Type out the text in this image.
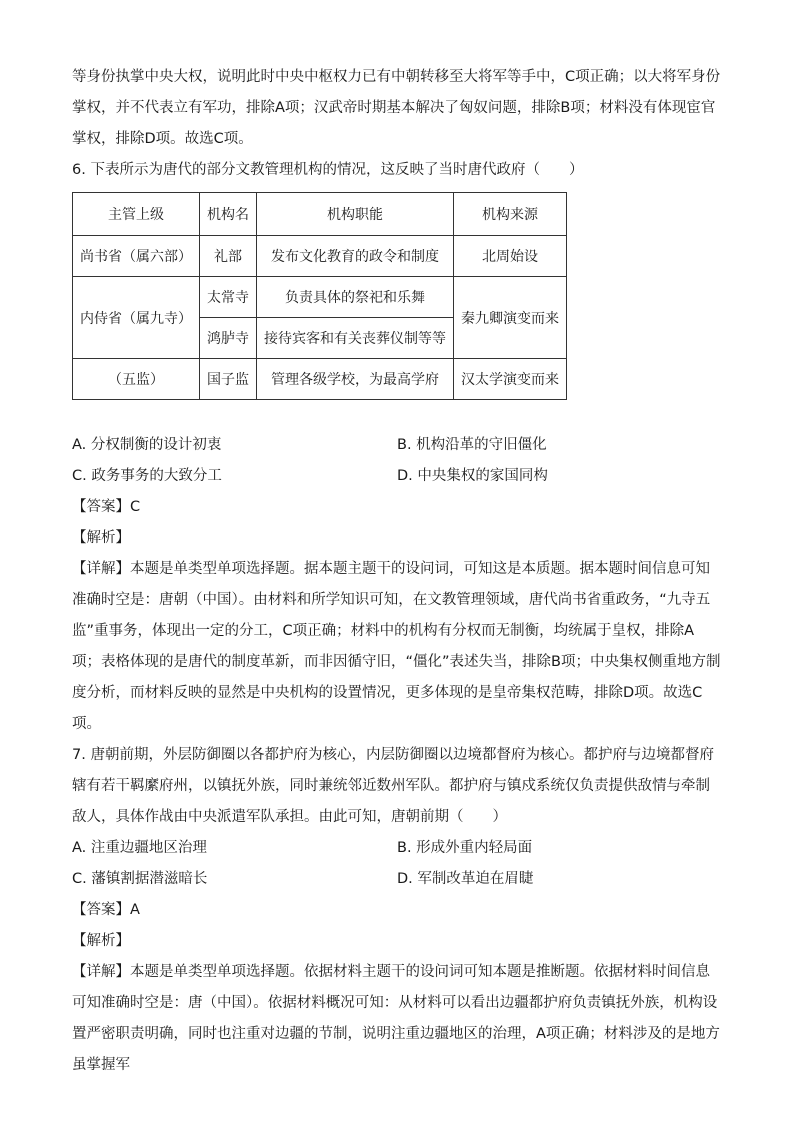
等身份执掌中央大权，说明此时中央中枢权力已有中朝转移至大将军等手中，C项正确；以大将军身份掌权，并不代表立有军功，排除A项；汉武帝时期基本解决了匈奴问题，排除B项；材料没有体现宦官掌权，排除D项。故选C项。

6. 下表所示为唐代的部分文教管理机构的情况，这反映了当时唐代政府（　　）

主管上级	机构名	机构职能	机构来源
尚书省（属六部）	礼部	发布文化教育的政令和制度	北周始设
内侍省（属九寺）	太常寺	负责具体的祭祀和乐舞	秦九卿演变而来
	鸿胪寺	接待宾客和有关丧葬仪制等等	
（五监）	国子监	管理各级学校，为最高学府	汉太学演变而来
A. 分权制衡的设计初衷	B. 机构沿革的守旧僵化
C. 政务事务的大致分工	D. 中央集权的家国同构

【答案】C

【解析】

【详解】本题是单类型单项选择题。据本题主题干的设问词，可知这是本质题。据本题时间信息可知准确时空是：唐朝（中国）。由材料和所学知识可知，在文教管理领域，唐代尚书省重政务，“九寺五监”重事务，体现出一定的分工，C项正确；材料中的机构有分权而无制衡，均统属于皇权，排除A项；表格体现的是唐代的制度革新，而非因循守旧，“僵化”表述失当，排除B项；中央集权侧重地方制度分析，而材料反映的显然是中央机构的设置情况，更多体现的是皇帝集权范畴，排除D项。故选C项。

7. 唐朝前期，外层防御圈以各都护府为核心，内层防御圈以边境都督府为核心。都护府与边境都督府辖有若干羁縻府州，以镇抚外族，同时兼统邻近数州军队。都护府与镇戍系统仅负责提供敌情与牵制敌人，具体作战由中央派遣军队承担。由此可知，唐朝前期（　　）

A. 注重边疆地区治理	B. 形成外重内轻局面
C. 藩镇割据潜滋暗长	D. 军制改革迫在眉睫

【答案】A

【解析】

【详解】本题是单类型单项选择题。依据材料主题干的设问词可知本题是推断题。依据材料时间信息可知准确时空是：唐（中国）。依据材料概况可知：从材料可以看出边疆都护府负责镇抚外族，机构设置严密职责明确，同时也注重对边疆的节制，说明注重边疆地区的治理，A项正确；材料涉及的是地方虽掌握军
